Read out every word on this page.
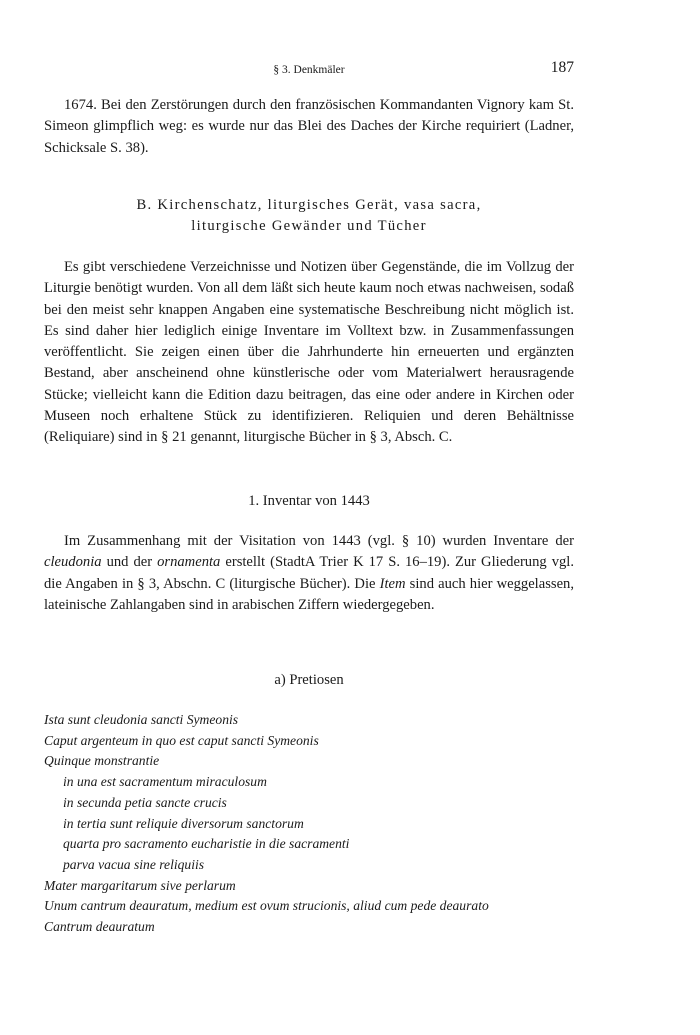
§ 3. Denkmäler	187

1674. Bei den Zerstörungen durch den französischen Kommandanten Vignory kam St. Simeon glimpflich weg: es wurde nur das Blei des Daches der Kirche requiriert (Ladner, Schicksale S. 38).

B. Kirchenschatz, liturgisches Gerät, vasa sacra,

liturgische Gewänder und Tücher

Es gibt verschiedene Verzeichnisse und Notizen über Gegenstände, die im Vollzug der Liturgie benötigt wurden. Von all dem läßt sich heute kaum noch etwas nachweisen, sodaß bei den meist sehr knappen Angaben eine systematische Beschreibung nicht möglich ist. Es sind daher hier lediglich einige Inventare im Volltext bzw. in Zusammenfassungen veröffentlicht. Sie zeigen einen über die Jahrhunderte hin erneuerten und ergänzten Bestand, aber anscheinend ohne künstlerische oder vom Materialwert herausragende Stücke; vielleicht kann die Edition dazu beitragen, das eine oder andere in Kirchen oder Museen noch erhaltene Stück zu identifizieren. Reliquien und deren Behältnisse (Reliquiare) sind in § 21 genannt, liturgische Bücher in § 3, Absch. C.

1. Inventar von 1443

Im Zusammenhang mit der Visitation von 1443 (vgl. § 10) wurden Inventare der cleudonia und der ornamenta erstellt (StadtA Trier K 17 S. 16–19). Zur Gliederung vgl. die Angaben in § 3, Abschn. C (liturgische Bücher). Die Item sind auch hier weggelassen, lateinische Zahlangaben sind in arabischen Ziffern wiedergegeben.

a) Pretiosen

Ista sunt cleudonia sancti Symeonis
Caput argenteum in quo est caput sancti Symeonis
Quinque monstrantie
in una est sacramentum miraculosum
in secunda petia sancte crucis
in tertia sunt reliquie diversorum sanctorum
quarta pro sacramento eucharistie in die sacramenti
parva vacua sine reliquiis
Mater margaritarum sive perlarum
Unum cantrum deauratum, medium est ovum strucionis, aliud cum pede deaurato
Cantrum deauratum
